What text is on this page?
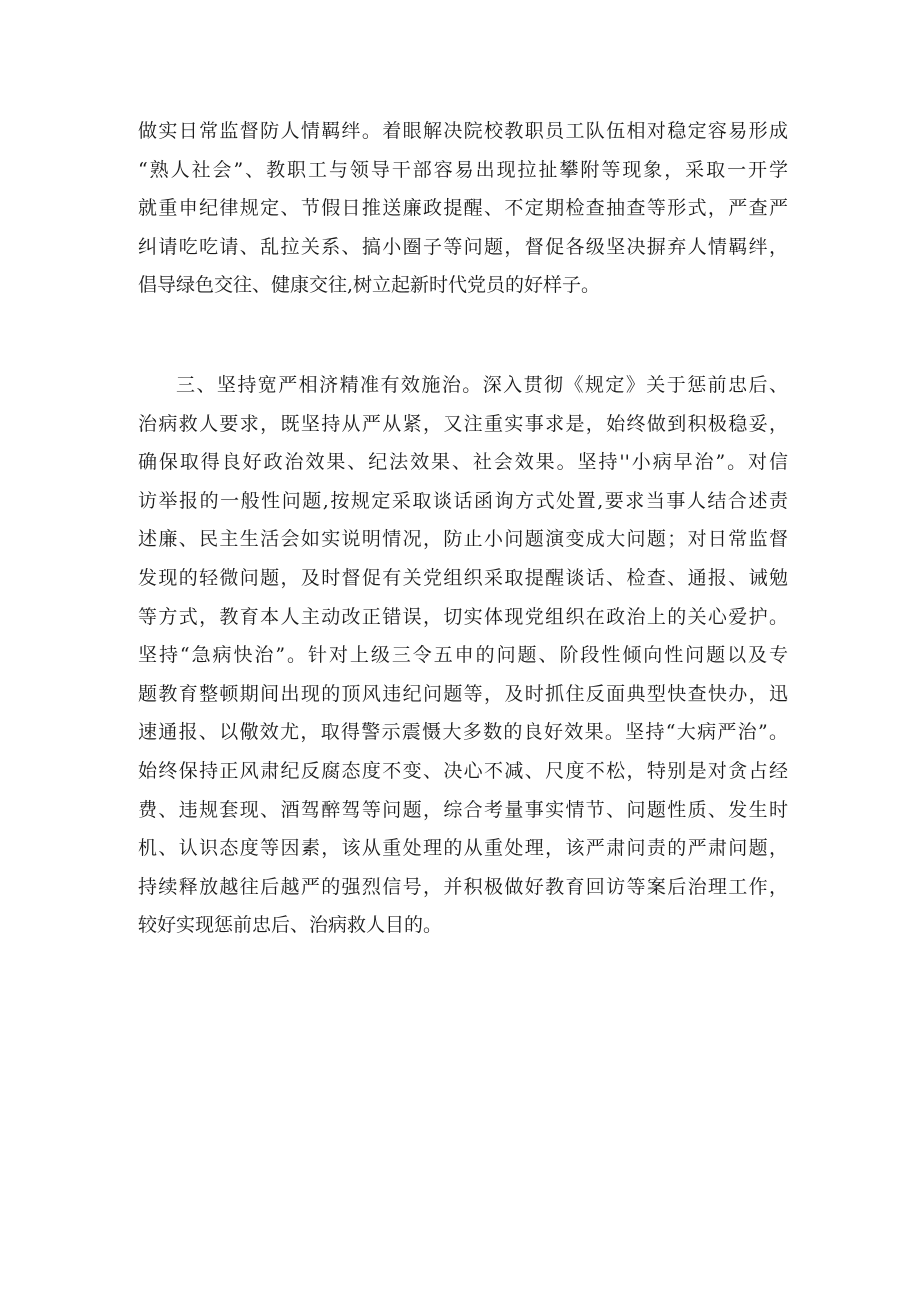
做实日常监督防人情羁绊。着眼解决院校教职员工队伍相对稳定容易形成
“熟人社会”、教职工与领导干部容易出现拉扯攀附等现象，采取一开学
就重申纪律规定、节假日推送廉政提醒、不定期检查抽查等形式，严查严
纠请吃吃请、乱拉关系、搞小圈子等问题，督促各级坚决摒弃人情羁绊，
倡导绿色交往、健康交往,树立起新时代党员的好样子。
三、坚持宽严相济精准有效施治。深入贯彻《规定》关于惩前忠后、
治病救人要求，既坚持从严从紧，又注重实事求是，始终做到积极稳妥，
确保取得良好政治效果、纪法效果、社会效果。坚持''小病早治”。对信
访举报的一般性问题,按规定采取谈话函询方式处置,要求当事人结合述责
述廉、民主生活会如实说明情况，防止小问题演变成大问题；对日常监督
发现的轻微问题，及时督促有关党组织采取提醒谈话、检查、通报、诫勉
等方式，教育本人主动改正错误，切实体现党组织在政治上的关心爱护。
坚持“急病快治”。针对上级三令五申的问题、阶段性倾向性问题以及专
题教育整顿期间出现的顶风违纪问题等，及时抓住反面典型快查快办，迅
速通报、以儆效尤，取得警示震慑大多数的良好效果。坚持“大病严治”。
始终保持正风肃纪反腐态度不变、决心不减、尺度不松，特别是对贪占经
费、违规套现、酒驾醉驾等问题，综合考量事实情节、问题性质、发生时
机、认识态度等因素，该从重处理的从重处理，该严肃问责的严肃问题，
持续释放越往后越严的强烈信号，并积极做好教育回访等案后治理工作，
较好实现惩前忠后、治病救人目的。
